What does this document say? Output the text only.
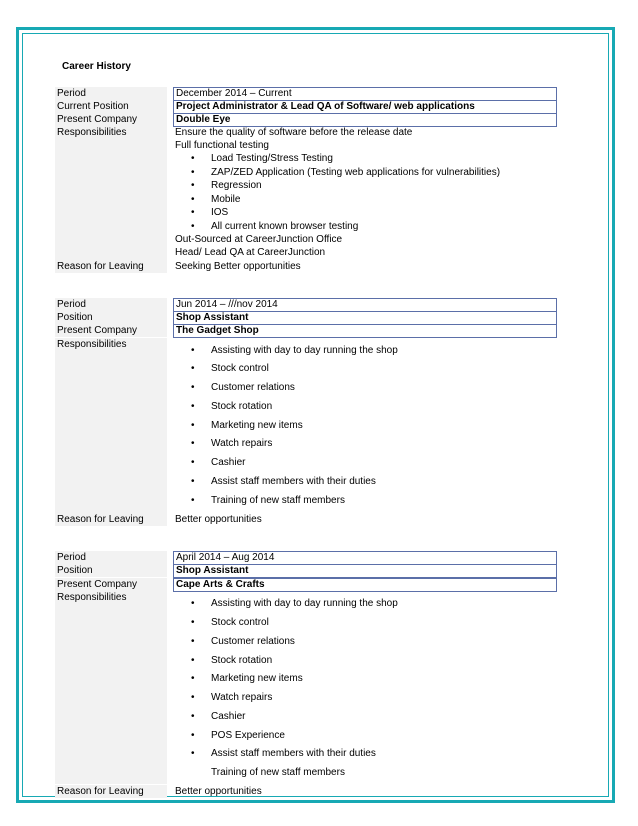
Career History
Period	December 2014 – Current
Current Position	Project Administrator & Lead QA of Software/ web applications
Present Company	Double Eye
Responsibilities	Ensure the quality of software before the release date
Full functional testing
• Load Testing/Stress Testing
• ZAP/ZED Application (Testing web applications for vulnerabilities)
• Regression
• Mobile
• IOS
• All current known browser testing
Out-Sourced at CareerJunction Office
Head/ Lead QA at CareerJunction
Reason for Leaving	Seeking Better opportunities
Period	Jun 2014 – ///nov 2014
Position	Shop Assistant
Present Company	The Gadget Shop
Responsibilities
• Assisting with day to day running the shop
• Stock control
• Customer relations
• Stock rotation
• Marketing new items
• Watch repairs
• Cashier
• Assist staff members with their duties
• Training of new staff members
Reason for Leaving	Better opportunities
Period	April 2014 – Aug 2014
Position	Shop Assistant
Present Company	Cape Arts & Crafts
Responsibilities
• Assisting with day to day running the shop
• Stock control
• Customer relations
• Stock rotation
• Marketing new items
• Watch repairs
• Cashier
• POS Experience
• Assist staff members with their duties
Training of new staff members
Reason for Leaving	Better opportunities
